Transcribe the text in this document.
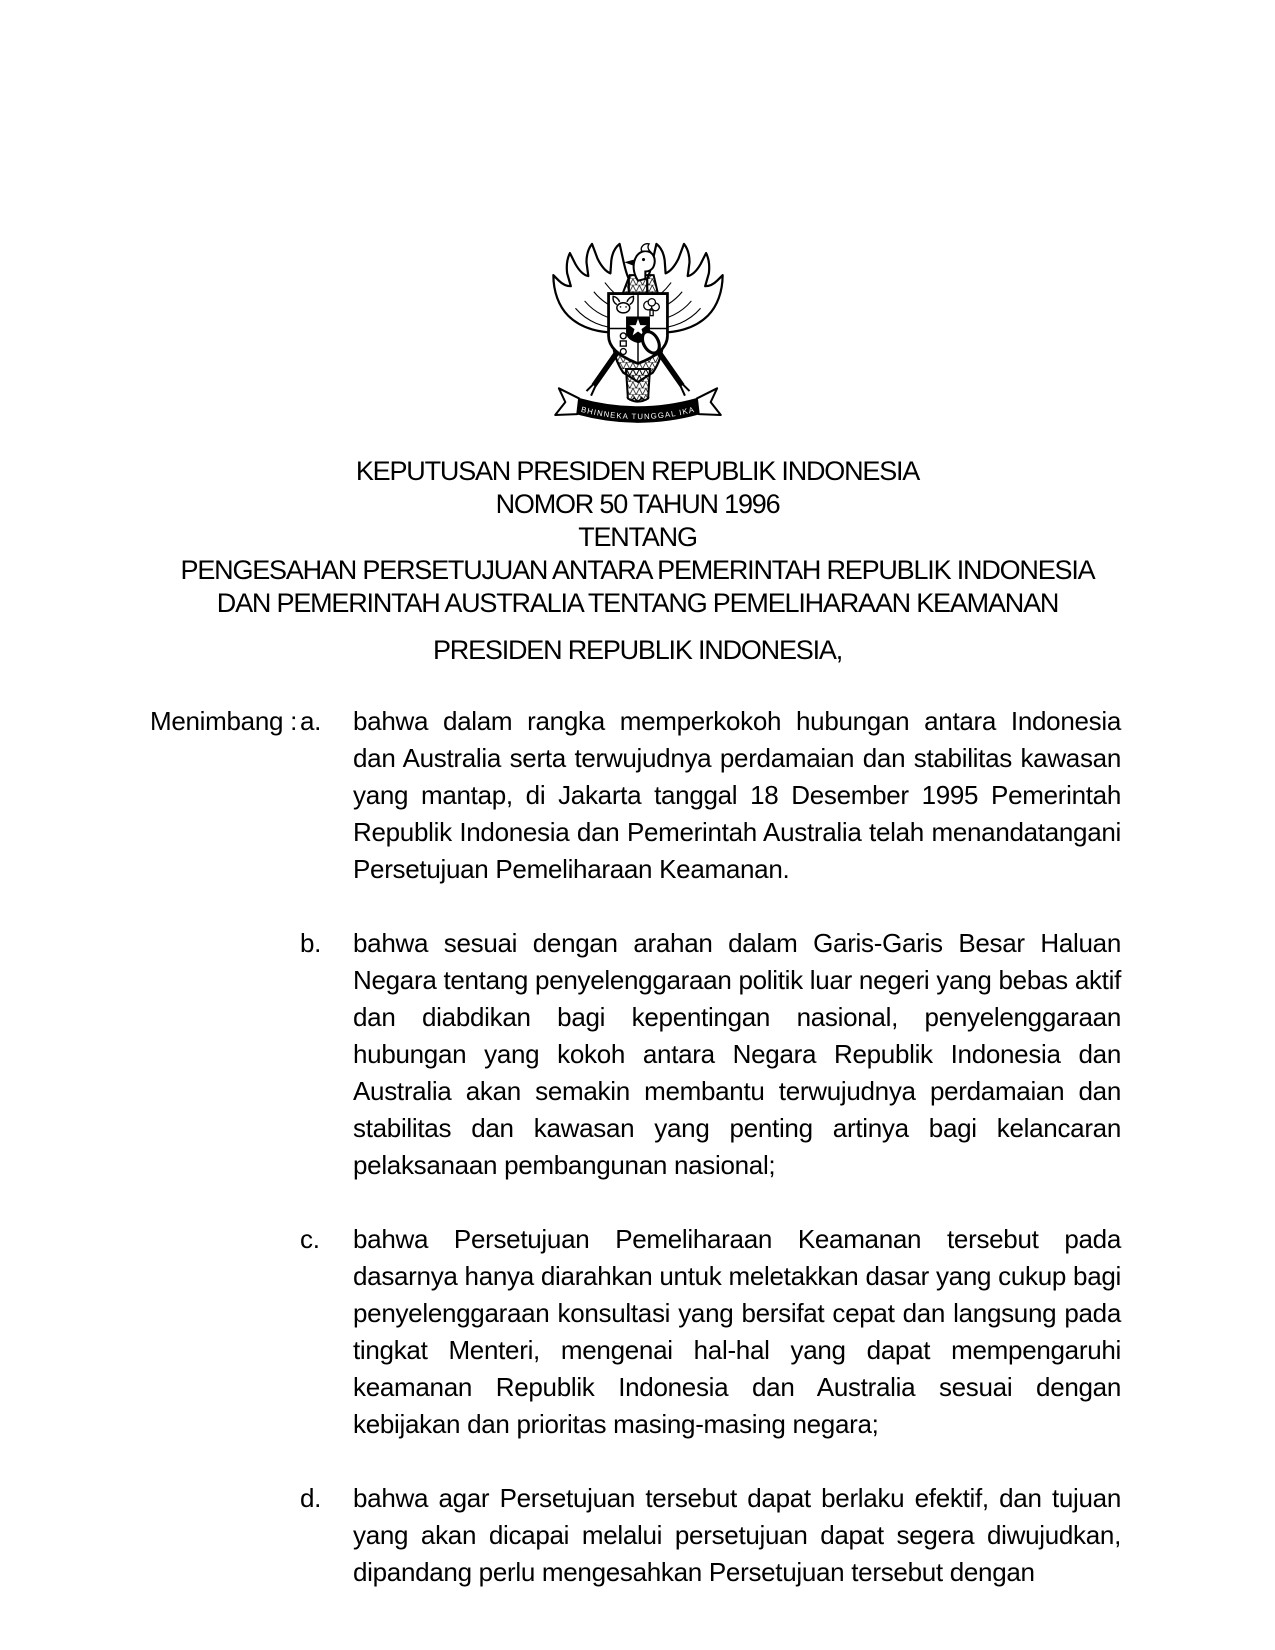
BHINNEKA TUNGGAL IKA
KEPUTUSAN PRESIDEN REPUBLIK INDONESIA
NOMOR 50 TAHUN 1996
TENTANG
PENGESAHAN PERSETUJUAN ANTARA PEMERINTAH REPUBLIK INDONESIA
DAN PEMERINTAH AUSTRALIA TENTANG PEMELIHARAAN KEAMANAN
PRESIDEN REPUBLIK INDONESIA,
Menimbang : a.	bahwa dalam rangka memperkokoh hubungan antara Indonesia dan Australia serta terwujudnya perdamaian dan stabilitas kawasan yang mantap, di Jakarta tanggal 18 Desember 1995 Pemerintah Republik Indonesia dan Pemerintah Australia telah menandatangani Persetujuan Pemeliharaan Keamanan.
b.	bahwa sesuai dengan arahan dalam Garis-Garis Besar Haluan Negara tentang penyelenggaraan politik luar negeri yang bebas aktif dan diabdikan bagi kepentingan nasional, penyelenggaraan hubungan yang kokoh antara Negara Republik Indonesia dan Australia akan semakin membantu terwujudnya perdamaian dan stabilitas dan kawasan yang penting artinya bagi kelancaran pelaksanaan pembangunan nasional;
c.	bahwa Persetujuan Pemeliharaan Keamanan tersebut pada dasarnya hanya diarahkan untuk meletakkan dasar yang cukup bagi penyelenggaraan konsultasi yang bersifat cepat dan langsung pada tingkat Menteri, mengenai hal-hal yang dapat mempengaruhi keamanan Republik Indonesia dan Australia sesuai dengan kebijakan dan prioritas masing-masing negara;
d.	bahwa agar Persetujuan tersebut dapat berlaku efektif, dan tujuan yang akan dicapai melalui persetujuan dapat segera diwujudkan, dipandang perlu mengesahkan Persetujuan tersebut dengan
